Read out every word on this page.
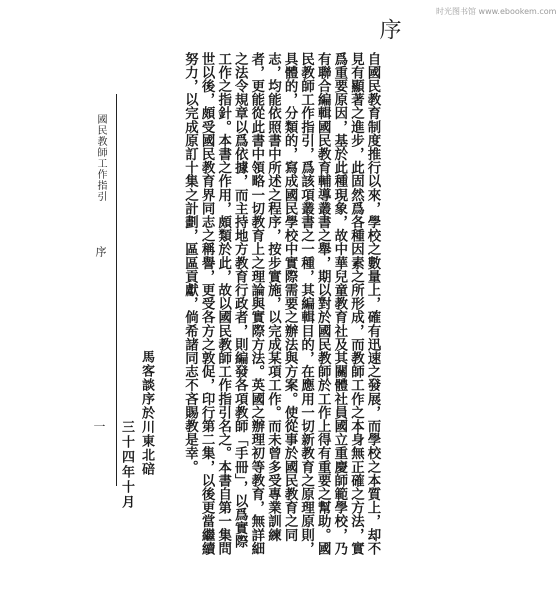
时光图书馆 www.ebookem.com
序
自國民教育制度推行以來，學校之數量上，確有迅速之發展，而學校之本質上，却不見有顯著之進步，此固然爲各種因素之所形成，而教師工作之本身無正確之方法，實爲重要原因，基於此種現象，故中華兒童教育社及其關體社員國立重慶師範學校，乃有聯合編輯國民教育輔導叢書之舉，期以對於國民教師於工作上得有重要之幫助。國民教師工作指引，爲該項叢書之一種，其編輯目的，在應用一切新教育之原理原則，具體的，分類的，寫成國民學校中實際需要之辦法與方案。使從事於國民教育之同志，均能依照書中所述之程序，按步實施，以完成某項工作。而未曾多受專業訓練者，更能從此書中領略一切教育上之理論與實際方法。英國之辦理初等教育，無詳細之法令規章以爲依據，而主持地方教育行政者，則編發各項教師「手冊」，以爲實際工作之指針。本書之作用，頗類於此，故以國民教師工作指引名之。本書自第一集問世以後，頗受國民教育界同志之稱譽，更受各方之敦促，印行第二集，以後更當繼續努力，以完成原訂十集之計劃，區區貢獻，倘希諸同志不吝賜教是幸。
馬客談序於川東北碚
三十四年十月
國民教師工作指引
序
一
